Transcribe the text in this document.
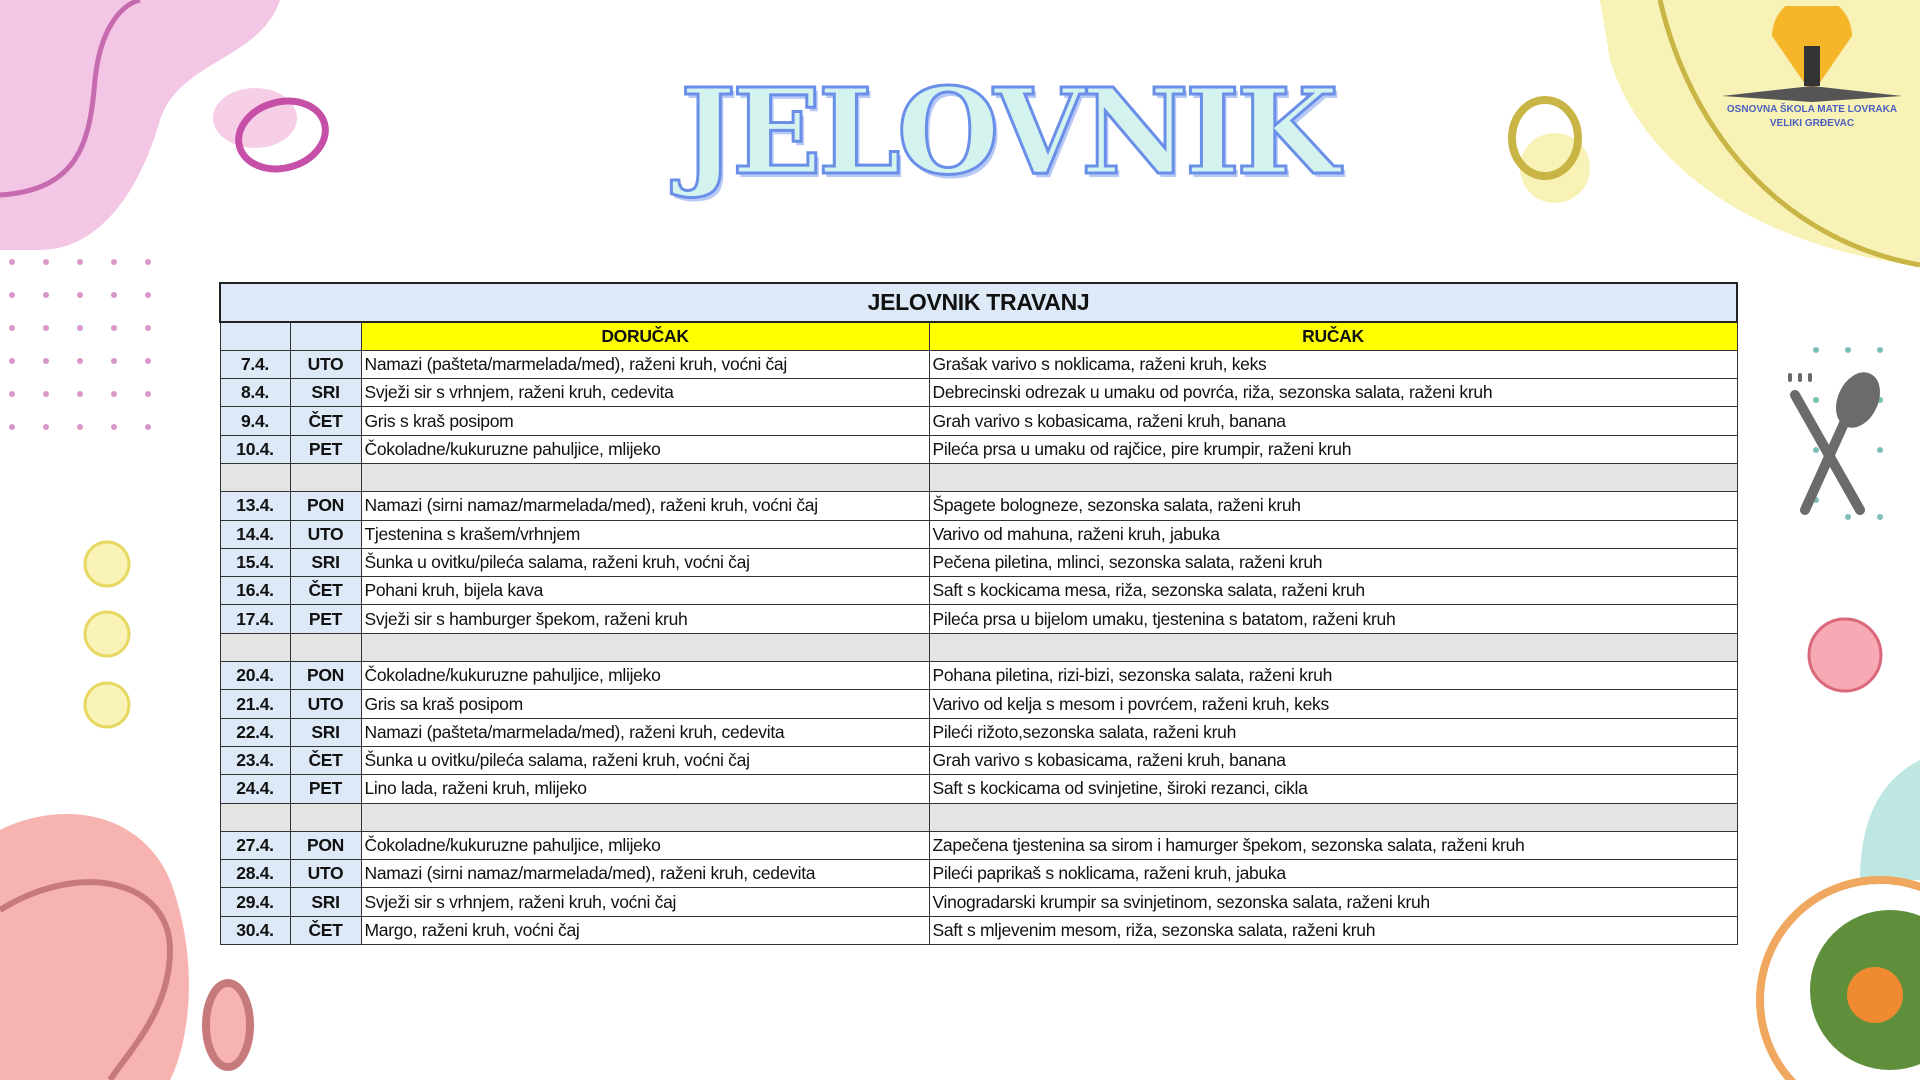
JELOVNIK	OSNOVNA ŠKOLA MATE LOVRAKA
VELIKI GRĐEVAC
JELOVNIK TRAVANJ			
		DORUČAK	RUČAK
7.4.	UTO	Namazi (pašteta/marmelada/med), raženi kruh, voćni čaj	Grašak varivo s noklicama, raženi kruh, keks
8.4.	SRI	Svježi sir s vrhnjem, raženi kruh, cedevita	Debrecinski odrezak u umaku od povrća, riža, sezonska salata, raženi kruh
9.4.	ČET	Gris s kraš posipom	Grah varivo s kobasicama, raženi kruh, banana
10.4.	PET	Čokoladne/kukuruzne pahuljice, mlijeko	Pileća prsa u umaku od rajčice, pire krumpir, raženi kruh

13.4.	PON	Namazi (sirni namaz/marmelada/med), raženi kruh, voćni čaj	Špagete bologneze, sezonska salata, raženi kruh
14.4.	UTO	Tjestenina s krašem/vrhnjem	Varivo od mahuna, raženi kruh, jabuka
15.4.	SRI	Šunka u ovitku/pileća salama, raženi kruh, voćni čaj	Pečena piletina, mlinci, sezonska salata, raženi kruh
16.4.	ČET	Pohani kruh, bijela kava	Saft s kockicama mesa, riža, sezonska salata, raženi kruh
17.4.	PET	Svježi sir s hamburger špekom, raženi kruh	Pileća prsa u bijelom umaku, tjestenina s batatom, raženi kruh

20.4.	PON	Čokoladne/kukuruzne pahuljice, mlijeko	Pohana piletina, rizi-bizi, sezonska salata, raženi kruh
21.4.	UTO	Gris sa kraš posipom	Varivo od kelja s mesom i povrćem, raženi kruh, keks
22.4.	SRI	Namazi (pašteta/marmelada/med), raženi kruh, cedevita	Pileći rižoto,sezonska salata, raženi kruh
23.4.	ČET	Šunka u ovitku/pileća salama, raženi kruh, voćni čaj	Grah varivo s kobasicama, raženi kruh, banana
24.4.	PET	Lino lada, raženi kruh, mlijeko	Saft s kockicama od svinjetine, široki rezanci, cikla

27.4.	PON	Čokoladne/kukuruzne pahuljice, mlijeko	Zapečena tjestenina sa sirom i hamurger špekom, sezonska salata, raženi kruh
28.4.	UTO	Namazi (sirni namaz/marmelada/med), raženi kruh, cedevita	Pileći paprikaš s noklicama, raženi kruh, jabuka
29.4.	SRI	Svježi sir s vrhnjem, raženi kruh, voćni čaj	Vinogradarski krumpir sa svinjetinom, sezonska salata, raženi kruh
30.4.	ČET	Margo, raženi kruh, voćni čaj	Saft s mljevenim mesom, riža, sezonska salata, raženi kruh
